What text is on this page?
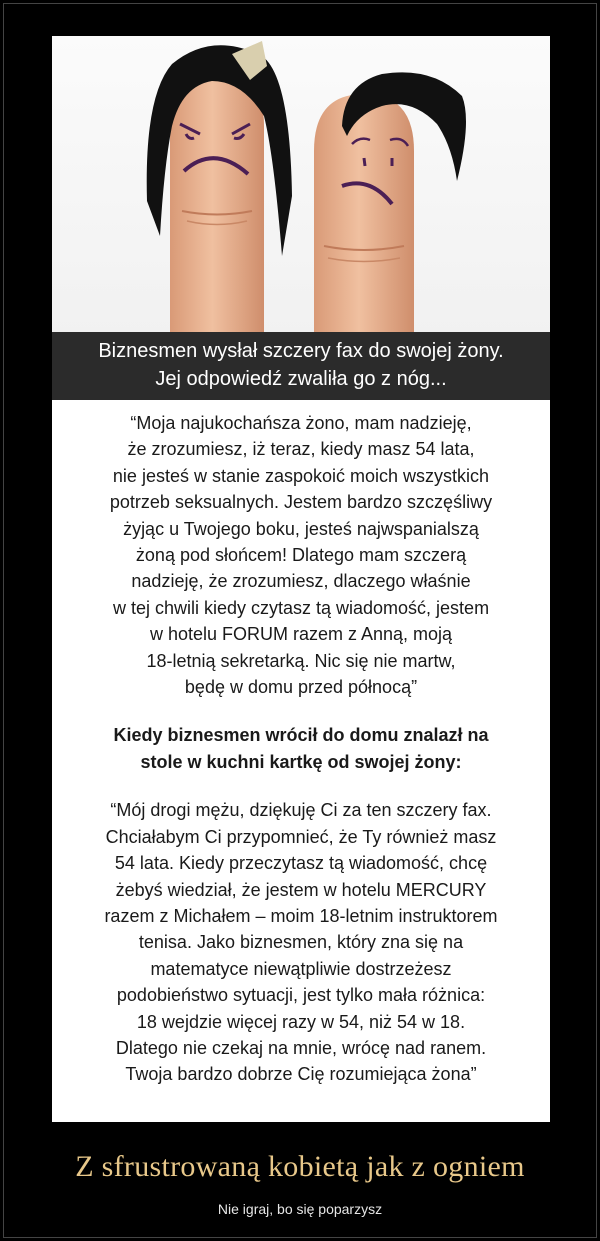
Biznesmen wysłał szczery fax do swojej żony.
Jej odpowiedź zwaliła go z nóg...
“Moja najukochańsza żono, mam nadzieję,
że zrozumiesz, iż teraz, kiedy masz 54 lata,
nie jesteś w stanie zaspokoić moich wszystkich
potrzeb seksualnych. Jestem bardzo szczęśliwy
żyjąc u Twojego boku, jesteś najwspanialszą
żoną pod słońcem! Dlatego mam szczerą
nadzieję, że zrozumiesz, dlaczego właśnie
w tej chwili kiedy czytasz tą wiadomość, jestem
w hotelu FORUM razem z Anną, moją
18-letnią sekretarką. Nic się nie martw,
będę w domu przed północą”
Kiedy biznesmen wrócił do domu znalazł na
stole w kuchni kartkę od swojej żony:
“Mój drogi mężu, dziękuję Ci za ten szczery fax.
Chciałabym Ci przypomnieć, że Ty również masz
54 lata. Kiedy przeczytasz tą wiadomość, chcę
żebyś wiedział, że jestem w hotelu MERCURY
razem z Michałem – moim 18-letnim instruktorem
tenisa. Jako biznesmen, który zna się na
matematyce niewątpliwie dostrzeżesz
podobieństwo sytuacji, jest tylko mała różnica:
18 wejdzie więcej razy w 54, niż 54 w 18.
Dlatego nie czekaj na mnie, wrócę nad ranem.
Twoja bardzo dobrze Cię rozumiejąca żona”
Z sfrustrowaną kobietą jak z ogniem
Nie igraj, bo się poparzysz
